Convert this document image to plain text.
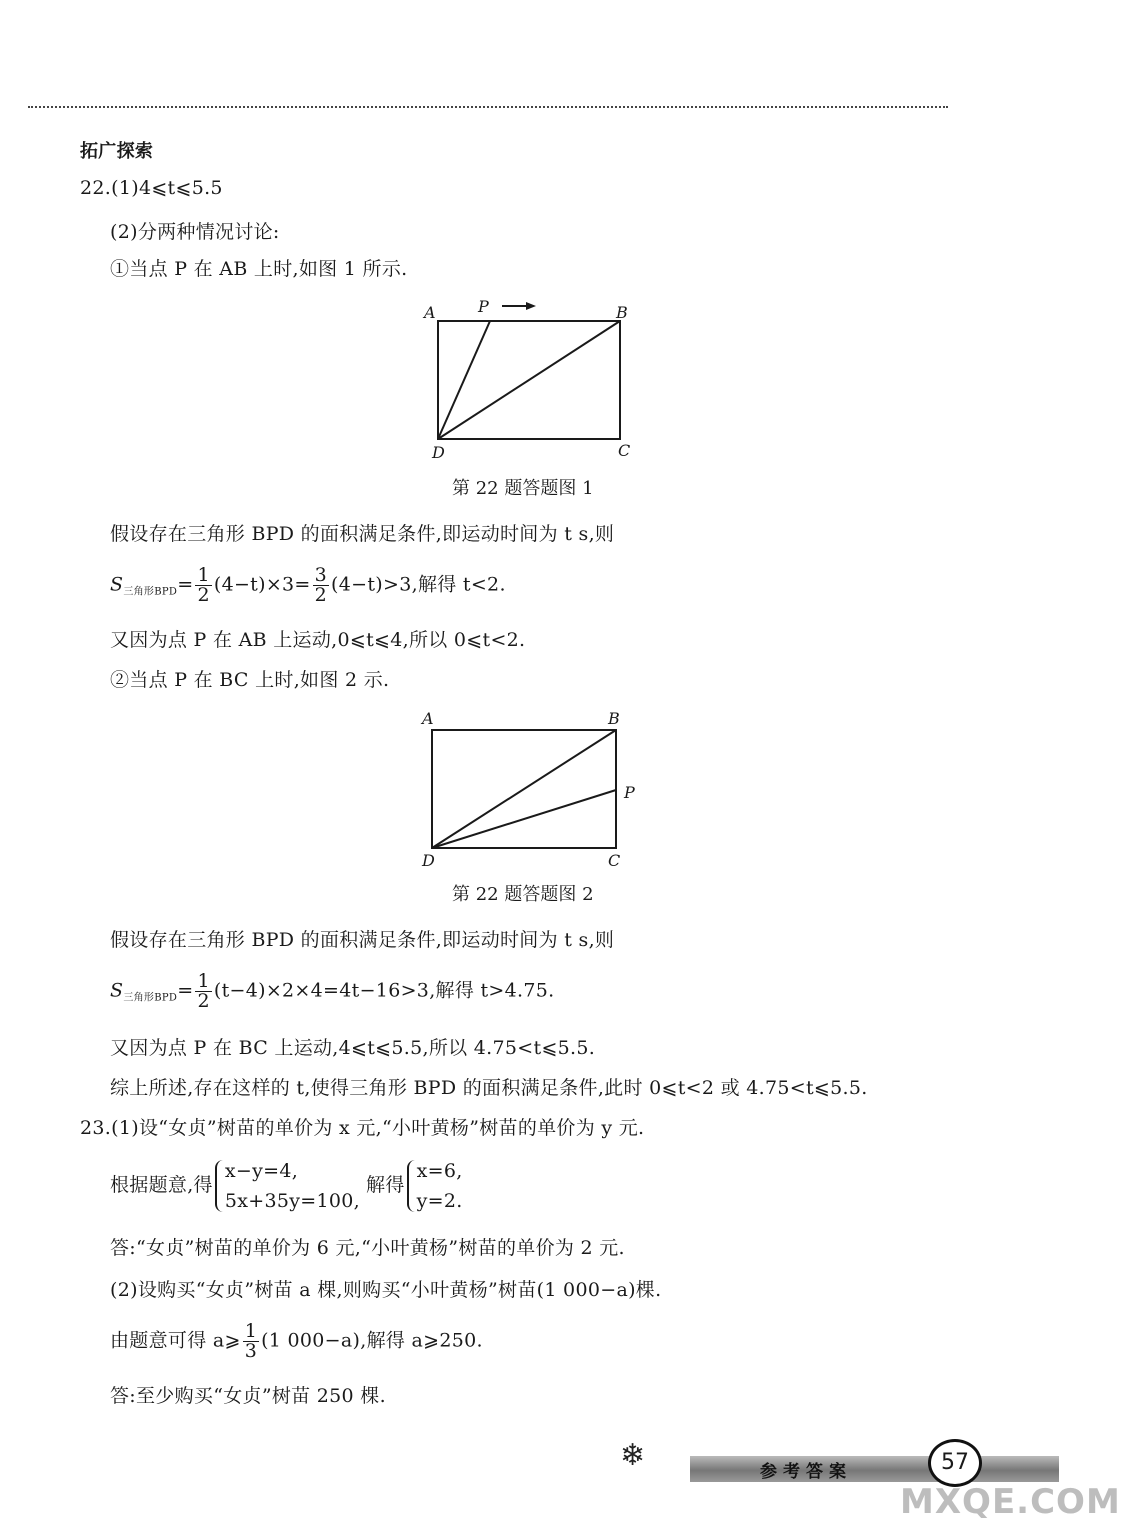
拓广探索
22.(1)4⩽t⩽5.5
(2)分两种情况讨论:
①当点 P 在 AB 上时,如图 1 所示.
A	P	B
C
D
第 22 题答题图 1
假设存在三角形 BPD 的面积满足条件,即运动时间为 t s,则
$S_{三角形BPD}= \frac{1}{2} (4-t)\times 3= \frac{3}{2} (4-t)>3$,解得 t<2.
又因为点 P 在 AB 上运动,0⩽t⩽4,所以 0⩽t<2.
②当点 P 在 BC 上时,如图 2 示.
A	B
P
C
D
第 22 题答题图 2
假设存在三角形 BPD 的面积满足条件,即运动时间为 t s,则
$S_{三角形BPD}= \frac{1}{2} (t-4)\times 2\times 4=4t-16>3$,解得 t>4.75.
又因为点 P 在 BC 上运动,4⩽t⩽5.5,所以 4.75<t⩽5.5.
综上所述,存在这样的 t,使得三角形 BPD 的面积满足条件,此时 0⩽t<2 或 4.75<t⩽5.5.
23.(1)设“女贞”树苗的单价为 x 元,“小叶黄杨”树苗的单价为 y 元.
根据题意,得
x−y=4,
5x+35y=100,
解得
x=6,
y=2.
答:“女贞”树苗的单价为 6 元,“小叶黄杨”树苗的单价为 2 元.
(2)设购买“女贞”树苗 a 棵,则购买“小叶黄杨”树苗(1 000−a)棵.
由题意可得 a⩾ $\frac{1}{3} (1$ 000−a),解得 a⩾250.
答:至少购买“女贞”树苗 250 棵.
❄	参考答案	57
MXQE.COM
